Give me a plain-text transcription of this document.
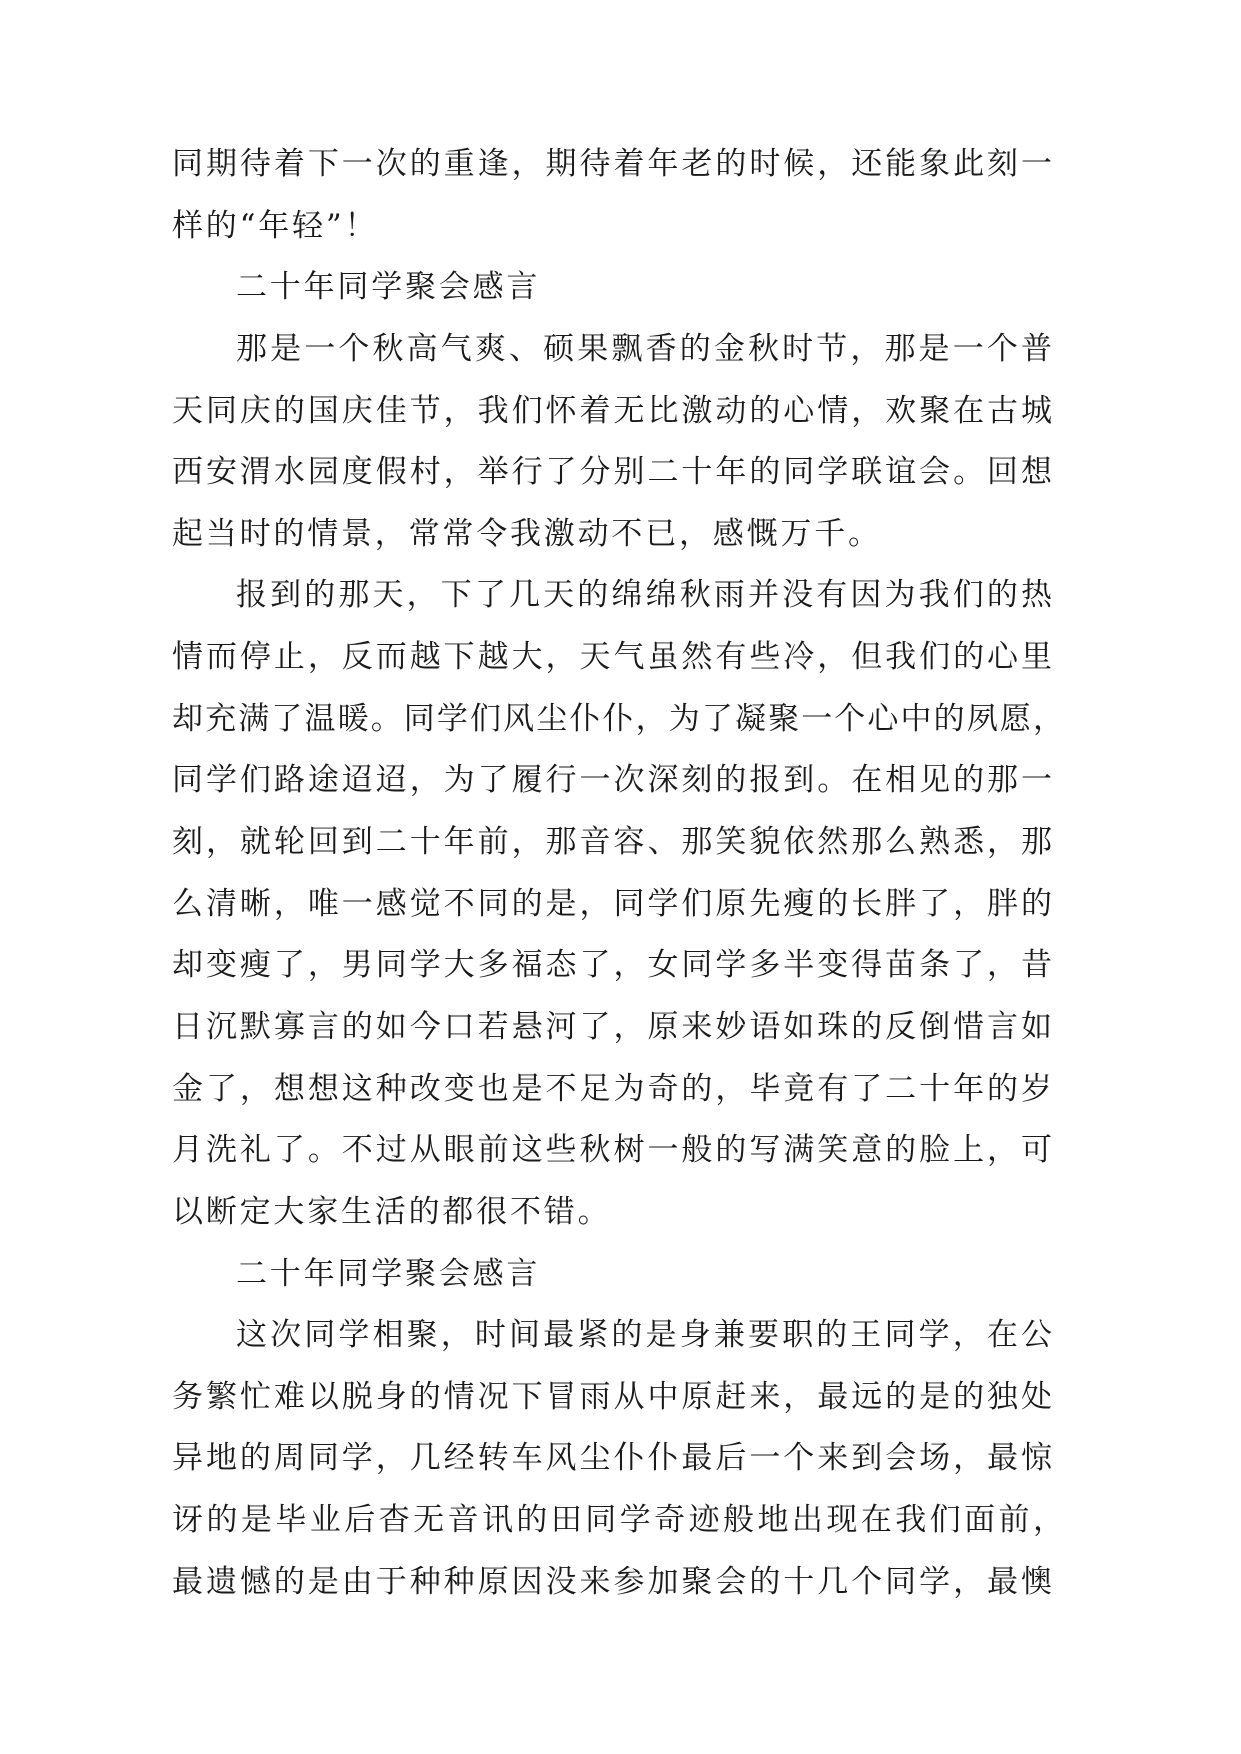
同期待着下一次的重逢，期待着年老的时候，还能象此刻一
样的“年轻”！
二十年同学聚会感言
那是一个秋高气爽、硕果飘香的金秋时节，那是一个普
天同庆的国庆佳节，我们怀着无比激动的心情，欢聚在古城
西安渭水园度假村，举行了分别二十年的同学联谊会。回想
起当时的情景，常常令我激动不已，感慨万千。
报到的那天，下了几天的绵绵秋雨并没有因为我们的热
情而停止，反而越下越大，天气虽然有些冷，但我们的心里
却充满了温暖。同学们风尘仆仆，为了凝聚一个心中的夙愿，
同学们路途迢迢，为了履行一次深刻的报到。在相见的那一
刻，就轮回到二十年前，那音容、那笑貌依然那么熟悉，那
么清晰，唯一感觉不同的是，同学们原先瘦的长胖了，胖的
却变瘦了，男同学大多福态了，女同学多半变得苗条了，昔
日沉默寡言的如今口若悬河了，原来妙语如珠的反倒惜言如
金了，想想这种改变也是不足为奇的，毕竟有了二十年的岁
月洗礼了。不过从眼前这些秋树一般的写满笑意的脸上，可
以断定大家生活的都很不错。
二十年同学聚会感言
这次同学相聚，时间最紧的是身兼要职的王同学，在公
务繁忙难以脱身的情况下冒雨从中原赶来，最远的是的独处
异地的周同学，几经转车风尘仆仆最后一个来到会场，最惊
讶的是毕业后杳无音讯的田同学奇迹般地出现在我们面前，
最遗憾的是由于种种原因没来参加聚会的十几个同学，最懊
